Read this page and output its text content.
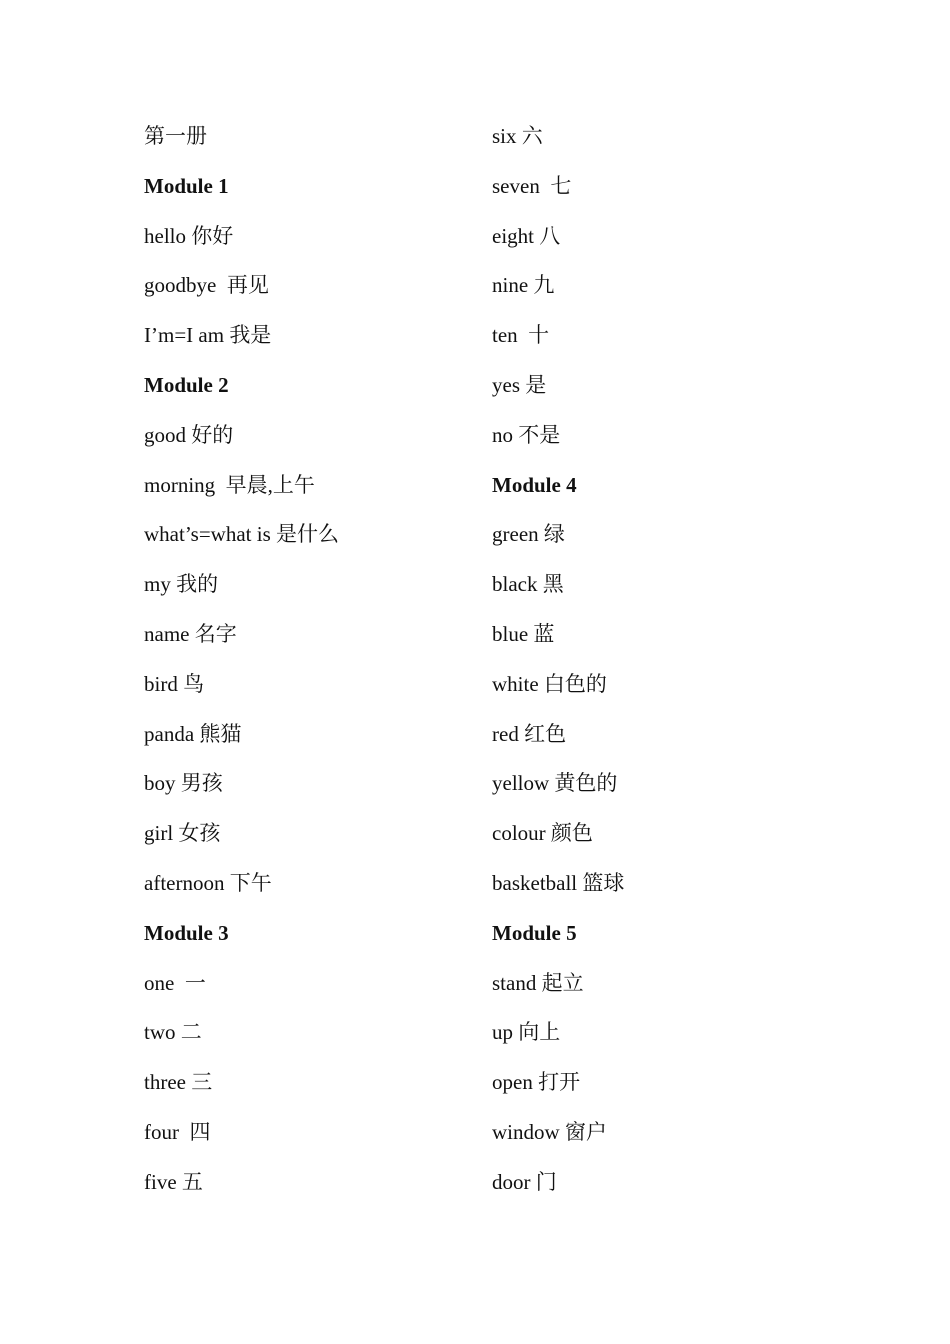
第一册
Module 1
hello 你好
goodbye  再见
I’m=I am 我是
Module 2
good 好的
morning  早晨,上午
what’s=what is 是什么
my 我的
name 名字
bird 鸟
panda 熊猫
boy 男孩
girl 女孩
afternoon 下午
Module 3
one  一
two 二
three 三
four  四
five 五
six 六
seven  七
eight 八
nine 九
ten  十
yes 是
no 不是
Module 4
green 绿
black 黑
blue 蓝
white 白色的
red 红色
yellow 黄色的
colour 颜色
basketball 篮球
Module 5
stand 起立
up 向上
open 打开
window 窗户
door 门
